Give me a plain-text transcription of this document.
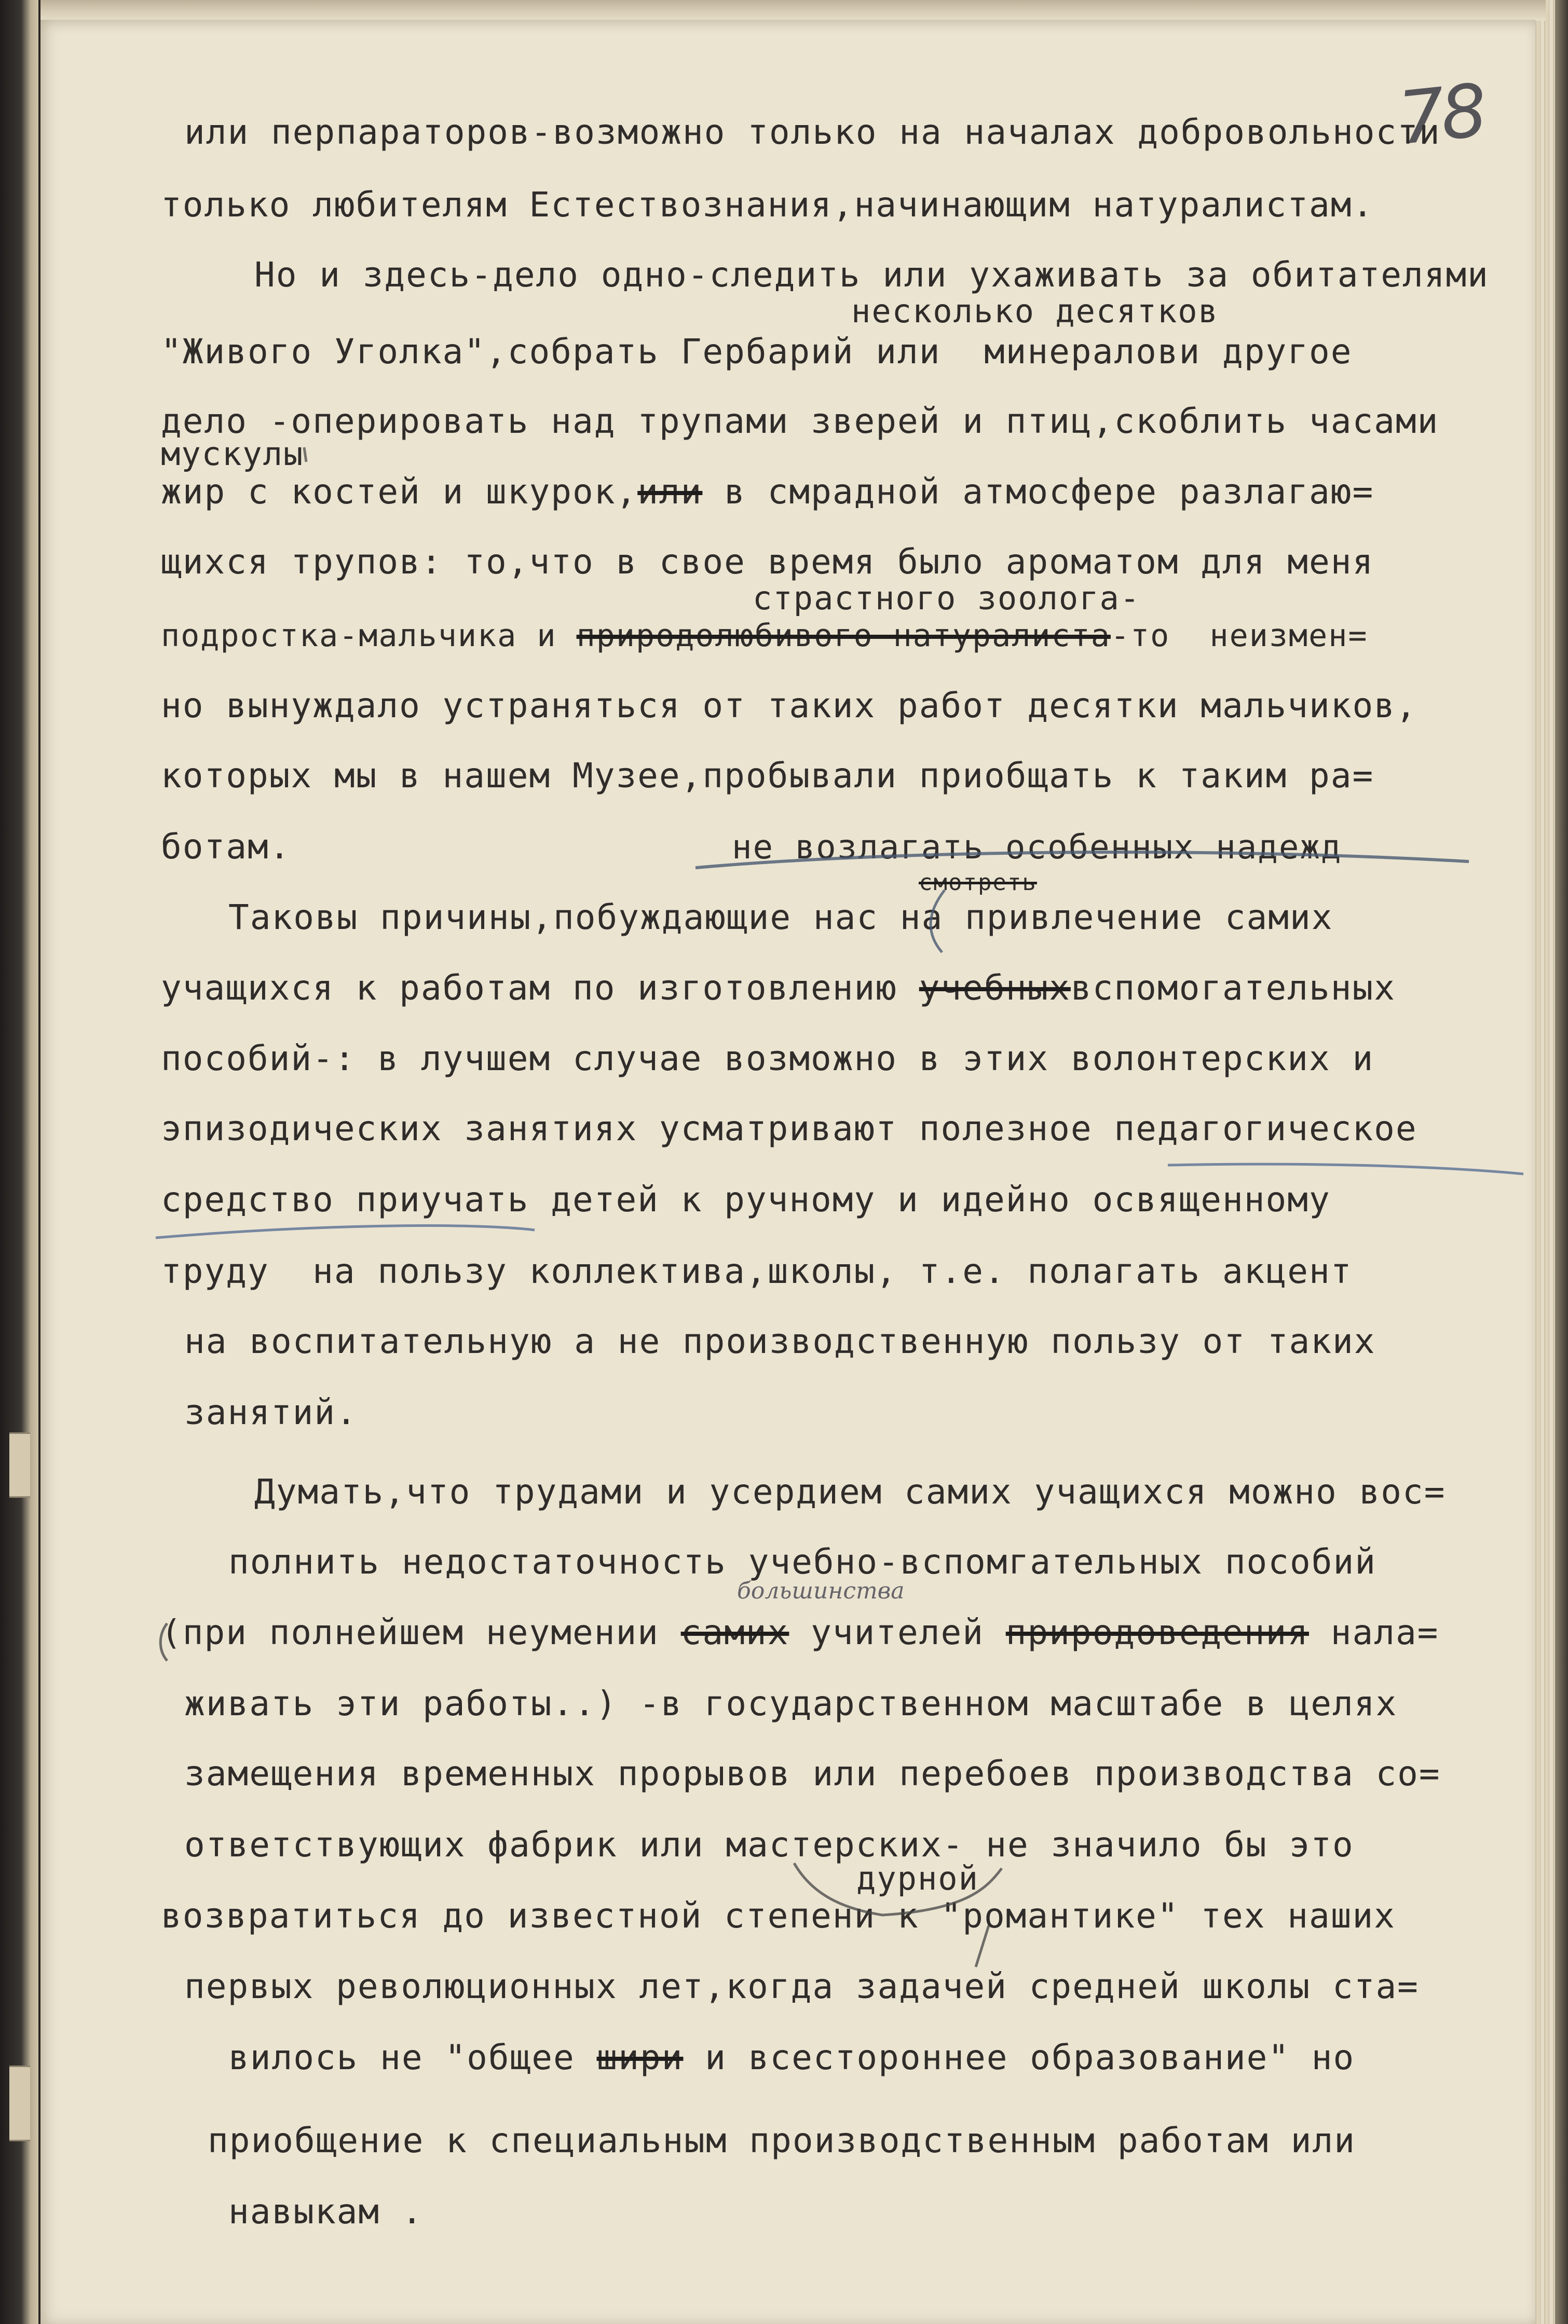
78
или перпараторов-возможно только на началах добровольности
только любителям Естествознания,начинающим натуралистам.
Но и здесь-дело одно-следить или ухаживать за обитателями
несколько десятков
"Живого Уголка",собрать Гербарий или  минералови другое
дело -оперировать над трупами зверей и птиц,скоблить часами
мускулы
жир с костей и шкурок,или в смрадной атмосфере разлагаю=
щихся трупов: то,что в свое время было ароматом для меня
страстного зоолога-
подростка-мальчика и природолюбивого натуралиста-то  неизмен=
но вынуждало устраняться от таких работ десятки мальчиков,
которых мы в нашем Музее,пробывали приобщать к таким ра=
ботам.	не возлагать особенных надежд
смотреть
Таковы причины,побуждающие нас на привлечение самих
учащихся к работам по изготовлению учебныхвспомогательных
пособий-: в лучшем случае возможно в этих волонтерских и
эпизодических занятиях усматривают полезное педагогическое
средство приучать детей к ручному и идейно освященному
труду  на пользу коллектива,школы, т.е. полагать акцент
на воспитательную а не производственную пользу от таких
занятий.
Думать,что трудами и усердием самих учащихся можно вос=
полнить недостаточность учебно-вспомгательных пособий
большинства
(при полнейшем неумении самих учителей природоведения нала=
живать эти работы..) -в государственном масштабе в целях
замещения временных прорывов или перебоев производства со=
ответствующих фабрик или мастерских- не значило бы это
дурной
возвратиться до известной степени к "романтике" тех наших
первых революционных лет,когда задачей средней школы ста=
вилось не "общее шири и всестороннее образование" но
приобщение к специальным производственным работам или
навыкам .
